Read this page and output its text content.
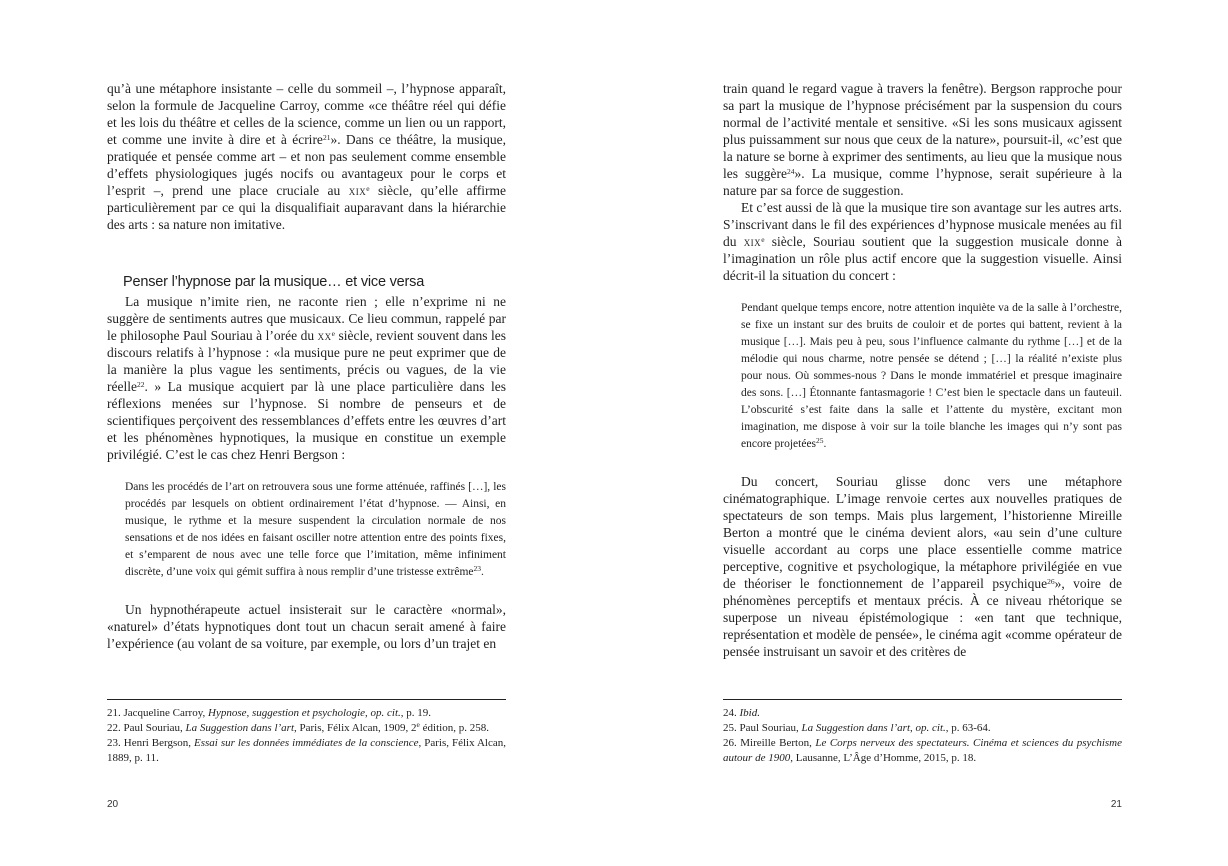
qu’à une métaphore insistante – celle du sommeil –, l’hypnose apparaît, selon la formule de Jacqueline Carroy, comme «ce théâtre réel qui défie et les lois du théâtre et celles de la science, comme un lien ou un rapport, et comme une invite à dire et à écrire$^{21}$». Dans ce théâtre, la musique, pratiquée et pensée comme art – et non pas seulement comme ensemble d’effets physiologiques jugés nocifs ou avantageux pour le corps et l’esprit –, prend une place cruciale au xix$^e$ siècle, qu’elle affirme particulièrement par ce qui la disqualifiait auparavant dans la hiérarchie des arts : sa nature non imitative.

Penser l’hypnose par la musique… et vice versa

La musique n’imite rien, ne raconte rien ; elle n’exprime ni ne suggère de sentiments autres que musicaux. Ce lieu commun, rappelé par le philosophe Paul Souriau à l’orée du $xx^e$ siècle, revient souvent dans les discours relatifs à l’hypnose : «la musique pure ne peut exprimer que de la manière la plus vague les sentiments, précis ou vagues, de la vie réelle$^{22}$. » La musique acquiert par là une place particulière dans les réflexions menées sur l’hypnose. Si nombre de penseurs et de scientifiques perçoivent des ressemblances d’effets entre les œuvres d’art et les phénomènes hypnotiques, la musique en constitue un exemple privilégié. C’est le cas chez Henri Bergson :

Dans les procédés de l’art on retrouvera sous une forme atténuée, raffinés […], les procédés par lesquels on obtient ordinairement l’état d’hypnose. — Ainsi, en musique, le rythme et la mesure suspendent la circulation normale de nos sensations et de nos idées en faisant osciller notre attention entre des points fixes, et s’emparent de nous avec une telle force que l’imitation, même infiniment discrète, d’une voix qui gémit suffira à nous remplir d’une tristesse extrême$^{23}$.

Un hypnothérapeute actuel insisterait sur le caractère «normal», «naturel» d’états hypnotiques dont tout un chacun serait amené à faire l’expérience (au volant de sa voiture, par exemple, ou lors d’un trajet en

21. Jacqueline Carroy, Hypnose, suggestion et psychologie, op. cit., p. 19.
22. Paul Souriau, La Suggestion dans l’art, Paris, Félix Alcan, 1909, 2e édition, p. 258.
23. Henri Bergson, Essai sur les données immédiates de la conscience, Paris, Félix Alcan, 1889, p. 11.
20

train quand le regard vague à travers la fenêtre). Bergson rapproche pour sa part la musique de l’hypnose précisément par la suspension du cours normal de l’activité mentale et sensitive. «Si les sons musicaux agissent plus puissamment sur nous que ceux de la nature», poursuit-il, «c’est que la nature se borne à exprimer des sentiments, au lieu que la musique nous les suggère$^{24}$». La musique, comme l’hypnose, serait supérieure à la nature par sa force de suggestion.

Et c’est aussi de là que la musique tire son avantage sur les autres arts. S’inscrivant dans le fil des expériences d’hypnose musicale menées au fil du xix$^e$ siècle, Souriau soutient que la suggestion musicale donne à l’imagination un rôle plus actif encore que la suggestion visuelle. Ainsi décrit-il la situation du concert :

Pendant quelque temps encore, notre attention inquiète va de la salle à l’orchestre, se fixe un instant sur des bruits de couloir et de portes qui battent, revient à la musique […]. Mais peu à peu, sous l’influence calmante du rythme […] et de la mélodie qui nous charme, notre pensée se détend ; […] la réalité n’existe plus pour nous. Où sommes-nous ? Dans le monde immatériel et presque imaginaire des sons. […] Étonnante fantasmagorie ! C’est bien le spectacle dans un fauteuil. L’obscurité s’est faite dans la salle et l’attente du mystère, excitant mon imagination, me dispose à voir sur la toile blanche les images qui n’y sont pas encore projetées$^{25}$.

Du concert, Souriau glisse donc vers une métaphore cinématographique. L’image renvoie certes aux nouvelles pratiques de spectateurs de son temps. Mais plus largement, l’historienne Mireille Berton a montré que le cinéma devient alors, «au sein d’une culture visuelle accordant au corps une place essentielle comme matrice perceptive, cognitive et psychologique, la métaphore privilégiée en vue de théoriser le fonctionnement de l’appareil psychique$^{26}$», voire de phénomènes perceptifs et mentaux précis. À ce niveau rhétorique se superpose un niveau épistémologique : «en tant que technique, représentation et modèle de pensée», le cinéma agit «comme opérateur de pensée instruisant un savoir et des critères de

24. Ibid.
25. Paul Souriau, La Suggestion dans l’art, op. cit., p. 63-64.
26. Mireille Berton, Le Corps nerveux des spectateurs. Cinéma et sciences du psychisme autour de 1900, Lausanne, L’Âge d’Homme, 2015, p. 18.
21
